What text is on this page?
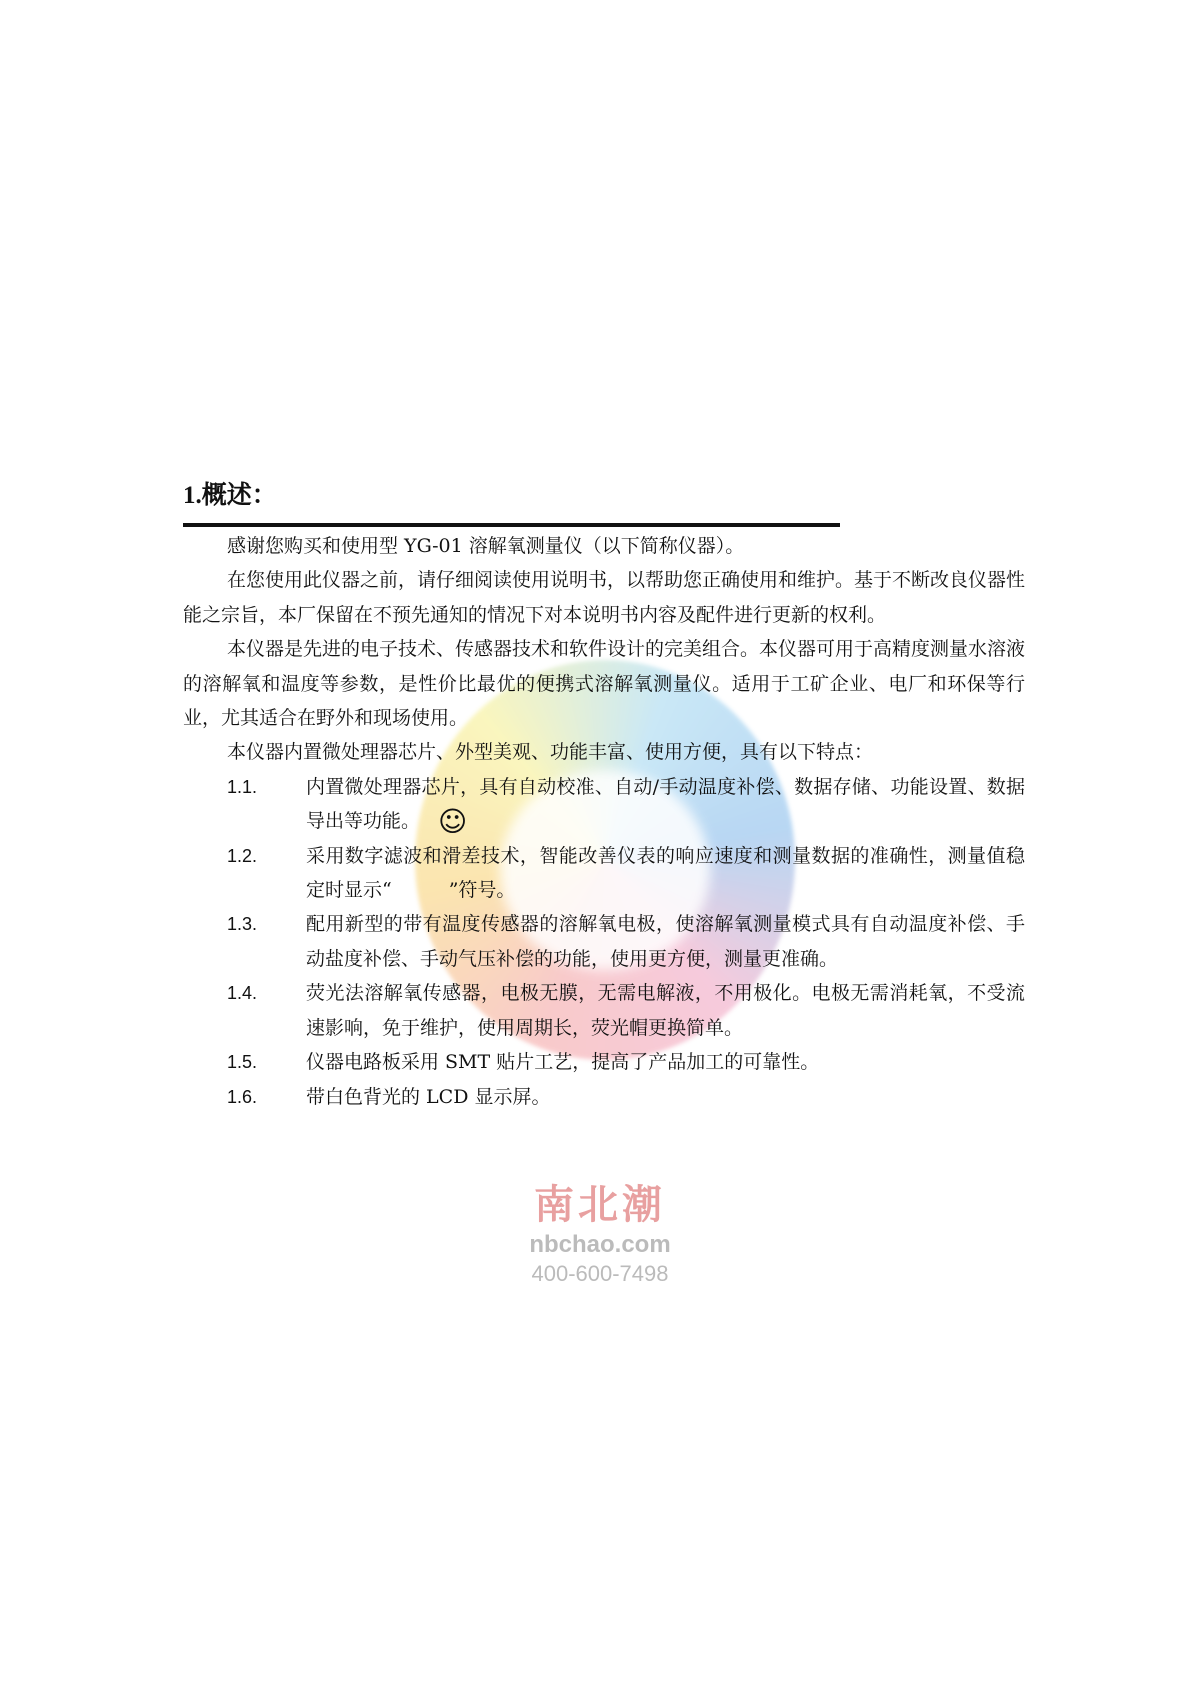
1.概述：

感谢您购买和使用型 YG-01 溶解氧测量仪（以下简称仪器）。

在您使用此仪器之前，请仔细阅读使用说明书，以帮助您正确使用和维护。基于不断改良仪器性能之宗旨，本厂保留在不预先通知的情况下对本说明书内容及配件进行更新的权利。

本仪器是先进的电子技术、传感器技术和软件设计的完美组合。本仪器可用于高精度测量水溶液的溶解氧和温度等参数，是性价比最优的便携式溶解氧测量仪。适用于工矿企业、电厂和环保等行业，尤其适合在野外和现场使用。

本仪器内置微处理器芯片、外型美观、功能丰富、使用方便，具有以下特点：

1.1.	内置微处理器芯片，具有自动校准、自动/手动温度补偿、数据存储、功能设置、数据导出等功能。 ☺
1.2.	采用数字滤波和滑差技术，智能改善仪表的响应速度和测量数据的准确性，测量值稳定时显示“　　　”符号。
1.3.	配用新型的带有温度传感器的溶解氧电极，使溶解氧测量模式具有自动温度补偿、手动盐度补偿、手动气压补偿的功能，使用更方便，测量更准确。
1.4.	荧光法溶解氧传感器，电极无膜，无需电解液，不用极化。电极无需消耗氧，不受流速影响，免于维护，使用周期长，荧光帽更换简单。
1.5.	仪器电路板采用 SMT 贴片工艺，提高了产品加工的可靠性。
1.6.	带白色背光的 LCD 显示屏。
南北潮
nbchao.com
400-600-7498
